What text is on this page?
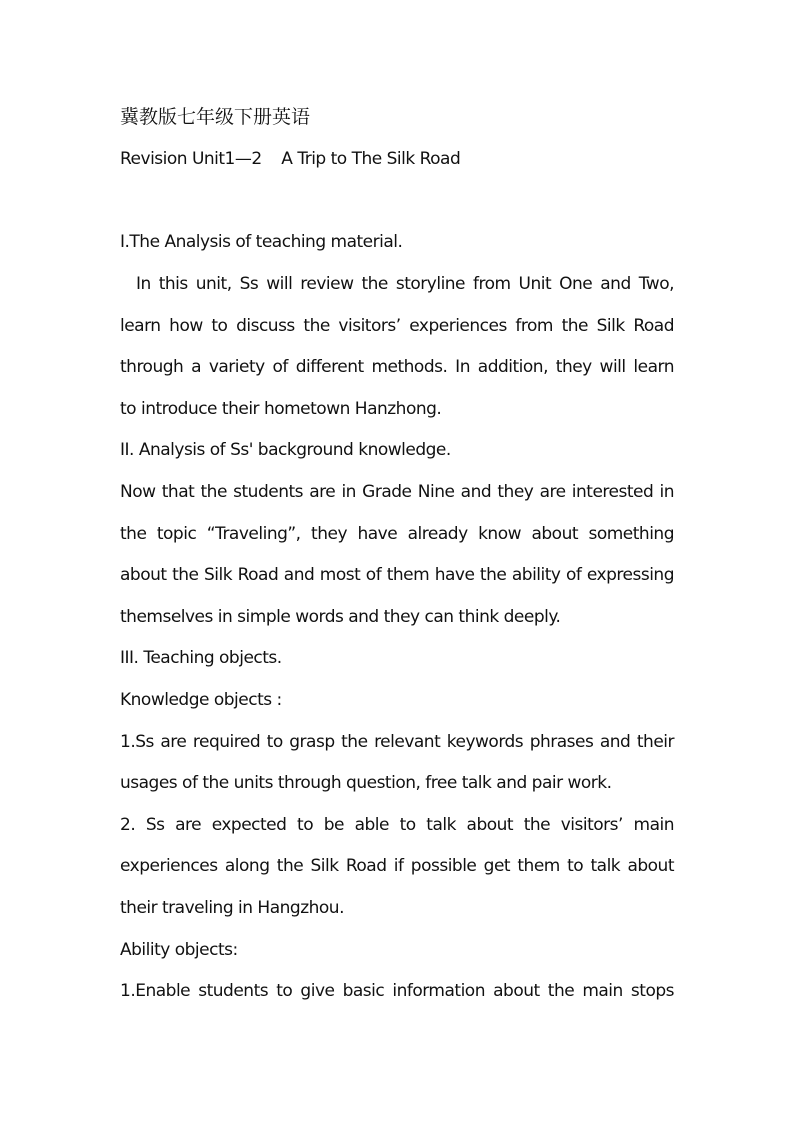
冀教版七年级下册英语
Revision Unit1—2    A Trip to The Silk Road
I.The Analysis of teaching material.
In this unit, Ss will review the storyline from Unit One and Two,
learn how to discuss the visitors’ experiences from the Silk Road
through a variety of different methods. In addition, they will learn
to introduce their hometown Hanzhong.
II. Analysis of Ss' background knowledge.
Now that the students are in Grade Nine and they are interested in
the topic “Traveling”, they have already know about something
about the Silk Road and most of them have the ability of expressing
themselves in simple words and they can think deeply.
III. Teaching objects.
Knowledge objects :
1.Ss are required to grasp the relevant keywords phrases and their
usages of the units through question, free talk and pair work.
2. Ss are expected to be able to talk about the visitors’ main
experiences along the Silk Road if possible get them to talk about
their traveling in Hangzhou.
Ability objects:
1.Enable students to give basic information about the main stops
